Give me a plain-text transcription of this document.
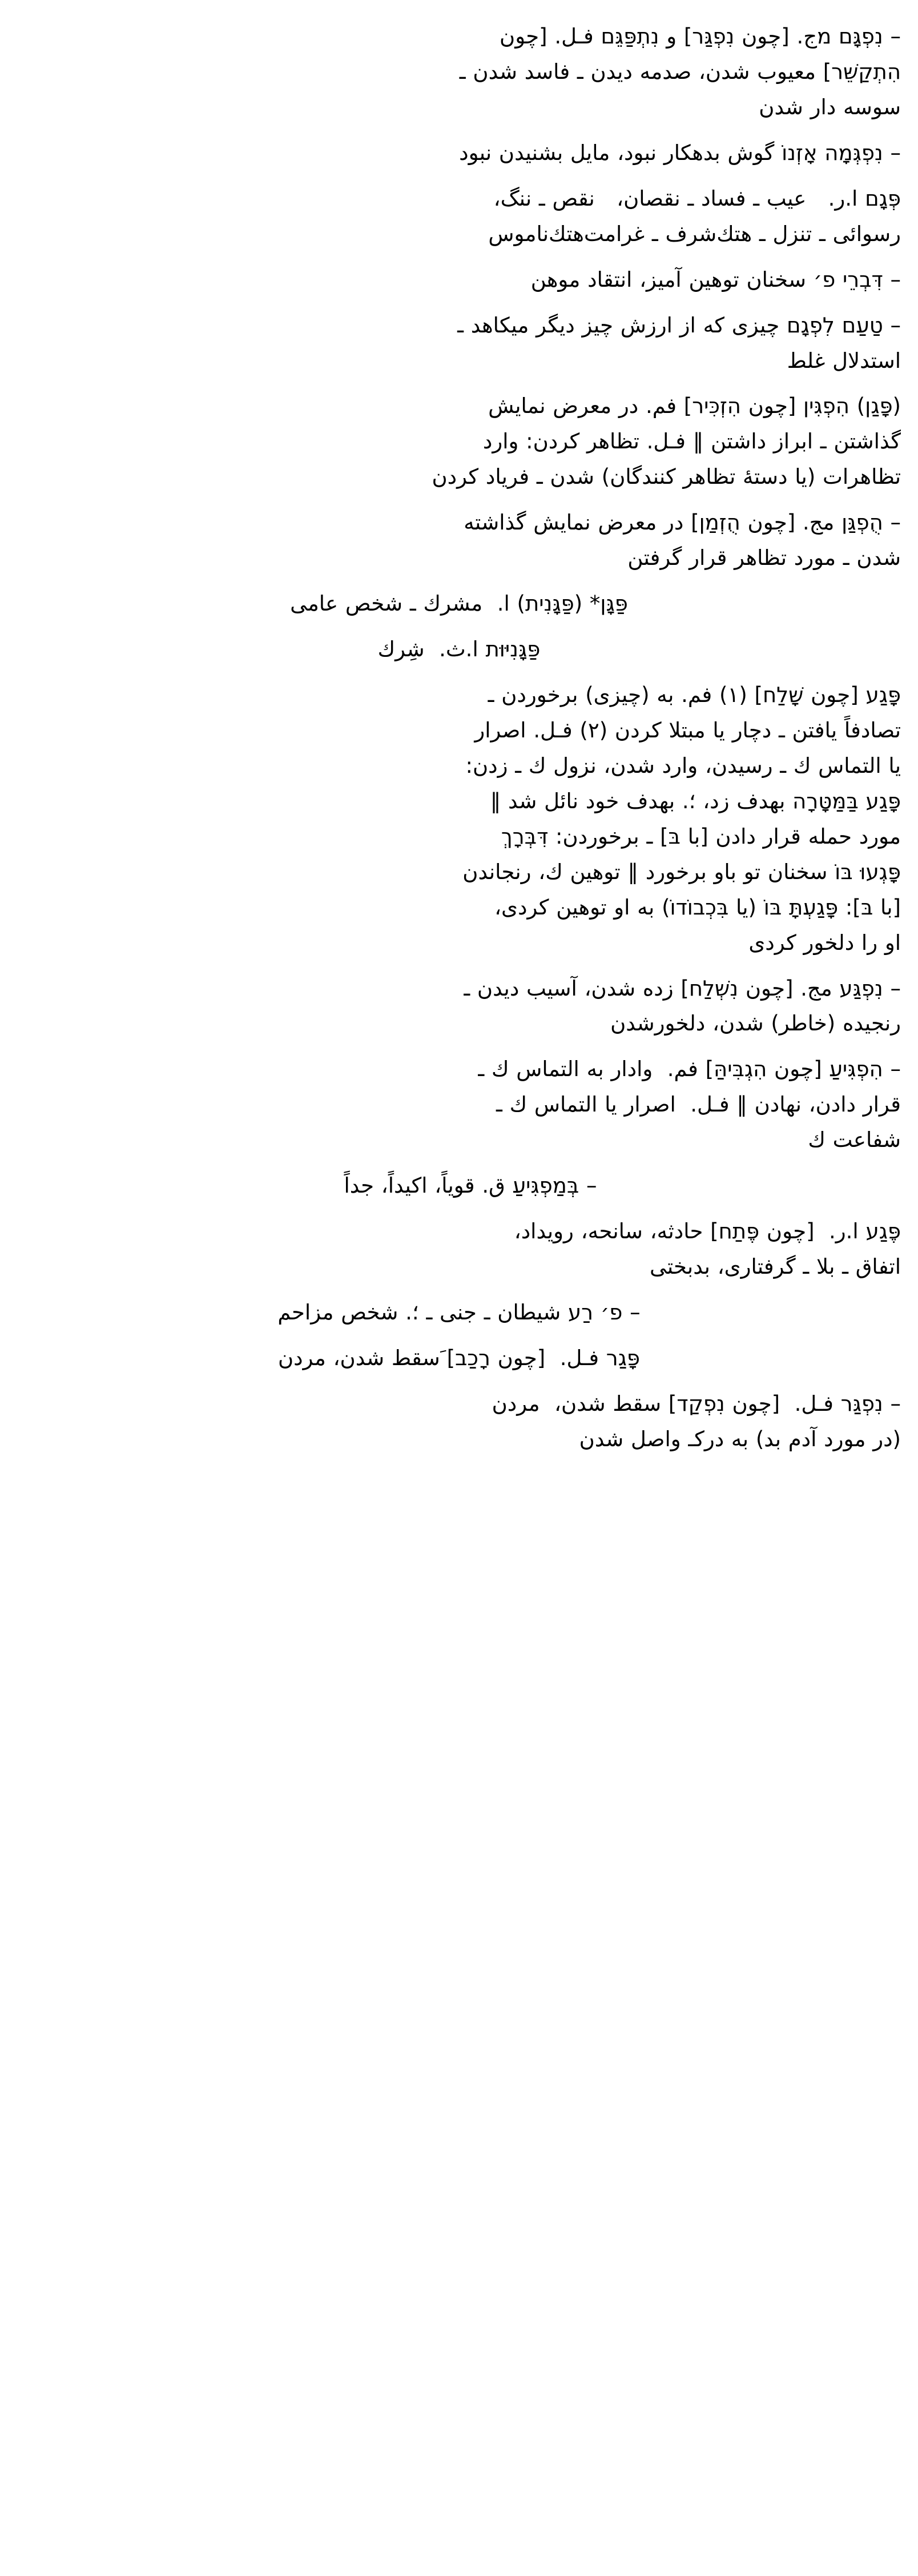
‎–‎ נִפְגָּם מج. [چون נִפְגַּר] و נִתְפַּגֵּם فـل. [چون
הִתְקַשֵּׁר] معيوب شدن، صدمه ديدن ـ فاسد شدن ـ
سوسه دار شدن
‎–‎ נִפְגְּמָה אָזְנוֹ گوش بدهكار نبود، مايل بشنيدن نبود
פְּגָם ا.ر.   عيب ـ فساد ـ نقصان،   نقص ـ ننگ،
رسوائى ـ تنزل ـ هتك‌شرف ـ غرامت‌هتك‌ناموس
‎–‎ דִּבְרֵי פ׳ سخنان توهين آميز، انتقاد موهن
‎–‎ טַעַם לִפְגָם چيزى كه از ارزش چيز ديگر ميكاهد ـ
استدلال غلط
(פָּגַן) הִפְגִּין [چون הִזְכִּיר] فم. در معرض نمايش
گذاشتن ـ ابراز داشتن ‖ فـل. تظاهر كردن: وارد
تظاهرات (يا دستهٔ تظاهر كنندگان) شدن ـ فرياد كردن
‎–‎ הֻפְגַּן مج. [چون הֻזְמַן] در معرض نمايش گذاشته
شدن ـ مورد تظاهر قرار گرفتن
פַּגָּן* (פַּגָּנִית) ا.  مشرك ـ شخص عامى
פַּגָּנִיּוּת ا.ث.  شِرك
פָּגַע [چون שָׁלַח] (١) فم. به (چيزى) برخوردن ـ
تصادفاً يافتن ـ دچار يا مبتلا كردن (٢) فـل. اصرار
يا التماس ك ـ رسيدن، وارد شدن، نزول ك ـ زدن:
פָּגַע בַּמַּטָּרָה بهدف زد، ؛. بهدف خود نائل شد ‖
مورد حمله قرار دادن [با בּ] ـ برخوردن: דִּבְּרָךְ
פָּגְעוּ בּוֹ سخنان تو باو برخورد ‖ توهين ك، رنجاندن
[با בּ]: פָּגַעְתָּ בּוֹ (يا בִּכְבוֹדוֹ) به او توهين كردى،
او را دلخور كردى
‎–‎ נִפְגַּע مج. [چون נִשְׁלַח] زده شدن، آسيب ديدن ـ
رنجيده (خاطر) شدن، دلخورشدن
‎–‎ הִפְגִּיעַ [چون הִגְבִּיהַּ] فم.  وادار به التماس ك ـ
قرار دادن، نهادن ‖ فـل.  اصرار يا التماس ك ـ
شفاعت ك
‎–‎ בְּמַפְגִּיעַ ق. قوياً، اكيداً، جداً
פֶּגַע ا.ر.  [چون פֶּתַח] حادثه، سانحه، رويداد،
اتفاق ـ بلا ـ گرفتارى، بدبختى
‎–‎ פ׳ רַע شيطان ـ جنى ـ ؛. شخص مزاحم
פָּגַר فـل.  [چون רָכַב] َسقط شدن، مردن
‎–‎ נִפְגַּר فـل.  [چون נִפְקַד] سقط شدن،  مردن
(در مورد آدم بد) به دركـ واصل شدن
